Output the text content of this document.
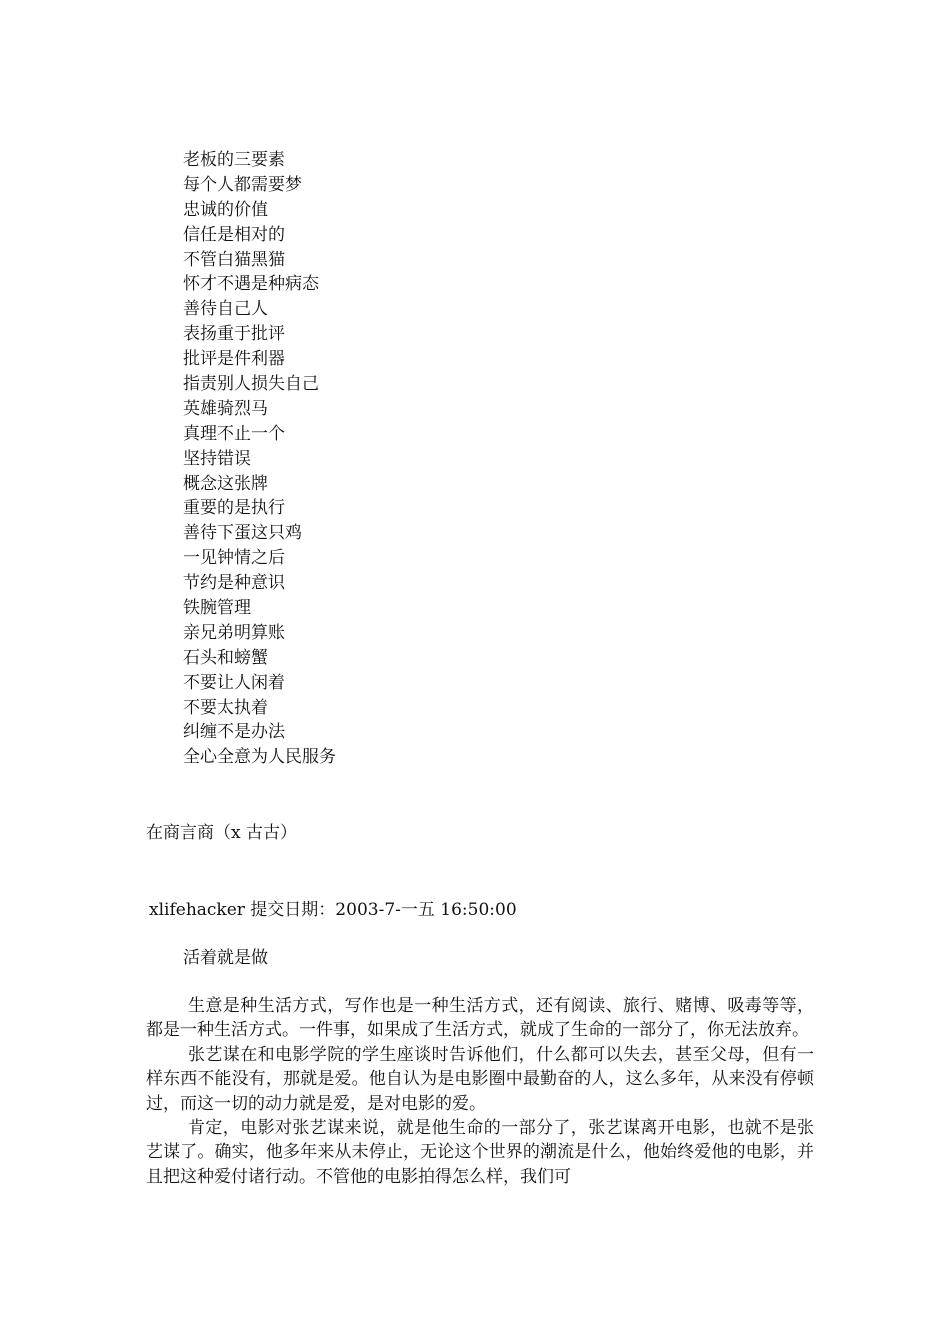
老板的三要素
每个人都需要梦
忠诚的价值
信任是相对的
不管白猫黑猫
怀才不遇是种病态
善待自己人
表扬重于批评
批评是件利器
指责别人损失自己
英雄骑烈马
真理不止一个
坚持错误
概念这张牌
重要的是执行
善待下蛋这只鸡
一见钟情之后
节约是种意识
铁腕管理
亲兄弟明算账
石头和螃蟹
不要让人闲着
不要太执着
纠缠不是办法
全心全意为人民服务
在商言商（x 古古）
xlifehacker 提交日期：2003-7-一五 16:50:00
活着就是做

生意是种生活方式，写作也是一种生活方式，还有阅读、旅行、赌博、吸毒等等，都是一种生活方式。一件事，如果成了生活方式，就成了生命的一部分了，你无法放弃。

张艺谋在和电影学院的学生座谈时告诉他们，什么都可以失去，甚至父母，但有一样东西不能没有，那就是爱。他自认为是电影圈中最勤奋的人，这么多年，从来没有停顿过，而这一切的动力就是爱，是对电影的爱。

肯定，电影对张艺谋来说，就是他生命的一部分了，张艺谋离开电影，也就不是张艺谋了。确实，他多年来从未停止，无论这个世界的潮流是什么，他始终爱他的电影，并且把这种爱付诸行动。不管他的电影拍得怎么样，我们可
